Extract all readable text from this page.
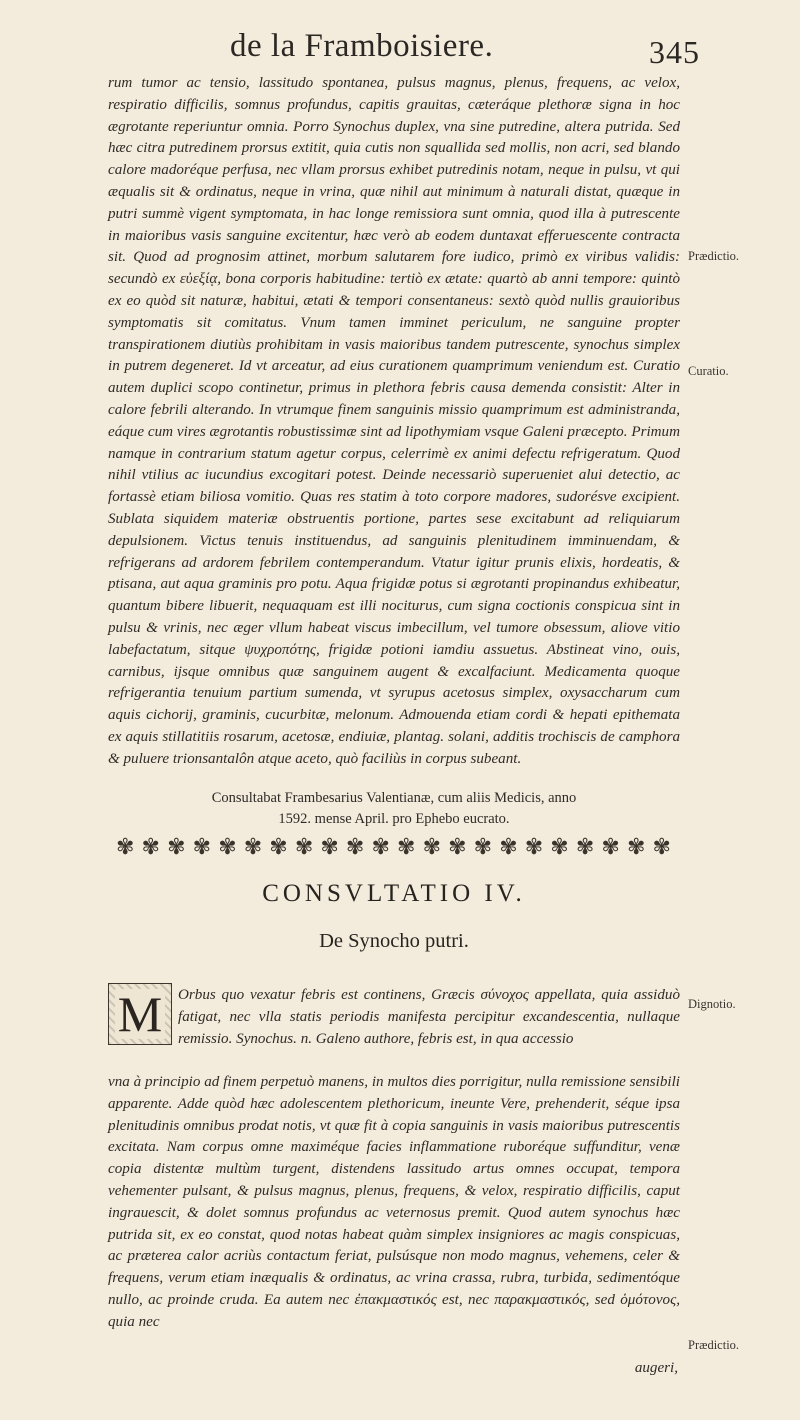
de la Framboisiere.	345
rum tumor ac tensio, lassitudo spontanea, pulsus magnus, plenus, frequens, ac velox, respiratio difficilis, somnus profundus, capitis grauitas, cæteráque plethoræ signa in hoc ægrotante reperiuntur omnia. Porro Synochus duplex, vna sine putredine, altera putrida. Sed hæc citra putredinem prorsus extitit, quia cutis non squallida sed mollis, non acri, sed blando calore madoréque perfusa, nec vllam prorsus exhibet putredinis notam, neque in pulsu, vt qui æqualis sit & ordinatus, neque in vrina, quæ nihil aut minimum à naturali distat, quæque in putri summè vigent symptomata, in hac longe remissiora sunt omnia, quod illa à putrescente in maioribus vasis sanguine excitentur, hæc verò ab eodem duntaxat efferuescente contracta sit. Quod ad prognosim attinet, morbum salutarem fore iudico, primò ex viribus validis: secundò ex εὐεξίᾳ, bona corporis habitudine: tertiò ex ætate: quartò ab anni tempore: quintò ex eo quòd sit naturæ, habitui, ætati & tempori consentaneus: sextò quòd nullis grauioribus symptomatis sit comitatus. Vnum tamen imminet periculum, ne sanguine propter transpirationem diutiùs prohibitam in vasis maioribus tandem putrescente, synochus simplex in putrem degeneret. Id vt arceatur, ad eius curationem quamprimum veniendum est. Curatio autem duplici scopo continetur, primus in plethora febris causa demenda consistit: Alter in calore febrili alterando. In vtrumque finem sanguinis missio quamprimum est administranda, eáque cum vires ægrotantis robustissimæ sint ad lipothymiam vsque Galeni præcepto. Primum namque in contrarium statum agetur corpus, celerrimè ex animi defectu refrigeratum. Quod nihil vtilius ac iucundius excogitari potest. Deinde necessariò superueniet alui detectio, ac fortassè etiam biliosa vomitio. Quas res statim à toto corpore madores, sudorésve excipient. Sublata siquidem materiæ obstruentis portione, partes sese excitabunt ad reliquiarum depulsionem. Victus tenuis instituendus, ad sanguinis plenitudinem imminuendam, & refrigerans ad ardorem febrilem contemperandum. Vtatur igitur prunis elixis, hordeatis, & ptisana, aut aqua graminis pro potu. Aqua frigidæ potus si ægrotanti propinandus exhibeatur, quantum bibere libuerit, nequaquam est illi nociturus, cum signa coctionis conspicua sint in pulsu & vrinis, nec æger vllum habeat viscus imbecillum, vel tumore obsessum, aliove vitio labefactatum, sitque ψυχροπότης, frigidæ potioni iamdiu assuetus. Abstineat vino, ouis, carnibus, ijsque omnibus quæ sanguinem augent & excalfaciunt. Medicamenta quoque refrigerantia tenuium partium sumenda, vt syrupus acetosus simplex, oxysaccharum cum aquis cichorij, graminis, cucurbitæ, melonum. Admouenda etiam cordi & hepati epithemata ex aquis stillatitiis rosarum, acetosæ, endiuiæ, plantag. solani, additis trochiscis de camphora & puluere trionsantalôn atque aceto, quò faciliùs in corpus subeant.
Prædictio.
Curatio.
Dignotio.
Prædictio.
Consultabat Frambesarius Valentianæ, cum aliis Medicis, anno
1592. mense April. pro Ephebo eucrato.
✾ ✾ ✾ ✾ ✾ ✾ ✾ ✾ ✾ ✾ ✾ ✾ ✾ ✾ ✾ ✾ ✾ ✾ ✾ ✾ ✾ ✾
CONSVLTATIO IV.
De Synocho putri.
M Orbus quo vexatur febris est continens, Græcis σύνοχος appellata, quia assiduò fatigat, nec vlla statis periodis manifesta percipitur excandescentia, nullaque remissio. Synochus. n. Galeno authore, febris est, in qua accessio
vna à principio ad finem perpetuò manens, in multos dies porrigitur, nulla remissione sensibili apparente. Adde quòd hæc adolescentem plethoricum, ineunte Vere, prehenderit, séque ipsa plenitudinis omnibus prodat notis, vt quæ fit à copia sanguinis in vasis maioribus putrescentis excitata. Nam corpus omne maximéque facies inflammatione ruboréque suffunditur, venæ copia distentæ multùm turgent, distendens lassitudo artus omnes occupat, tempora vehementer pulsant, & pulsus magnus, plenus, frequens, & velox, respiratio difficilis, caput ingrauescit, & dolet somnus profundus ac veternosus premit. Quod autem synochus hæc putrida sit, ex eo constat, quod notas habeat quàm simplex insigniores ac magis conspicuas, ac præterea calor acriùs contactum feriat, pulsúsque non modo magnus, vehemens, celer & frequens, verum etiam inæqualis & ordinatus, ac vrina crassa, rubra, turbida, sedimentóque nullo, ac proinde cruda. Ea autem nec ἐπακμαστικός est, nec παρακμαστικός, sed ὁμότονος, quia nec
augeri,
